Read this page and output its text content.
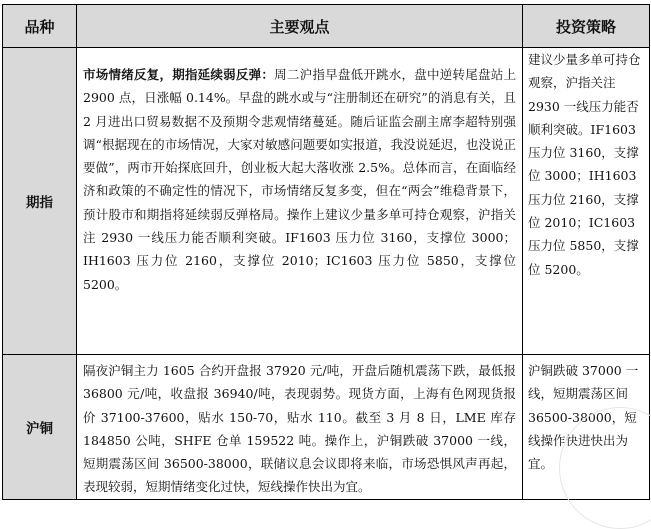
品种	主要观点	投资策略
期指	市场情绪反复，期指延续弱反弹：周二沪指早盘低开跳水，盘中逆转尾盘站上 2900 点，日涨幅 0.14%。早盘的跳水或与“注册制还在研究”的消息有关，且 2 月进出口贸易数据不及预期令悲观情绪蔓延。随后证监会副主席李超特别强调“根据现在的市场情况，大家对敏感问题要如实报道，我没说延迟，也没说正要做”，两市开始探底回升，创业板大起大落收涨 2.5%。总体而言，在面临经济和政策的不确定性的情况下，市场情绪反复多变，但在“两会”维稳背景下，预计股市和期指将延续弱反弹格局。操作上建议少量多单可持仓观察，沪指关注 2930 一线压力能否顺利突破。IF1603 压力位 3160，支撑位 3000；IH1603 压力位 2160，支撑位 2010；IC1603 压力位 5850，支撑位 5200。	建议少量多单可持仓观察，沪指关注 2930 一线压力能否顺利突破。IF1603 压力位 3160，支撑位 3000；IH1603 压力位 2160，支撑位 2010；IC1603 压力位 5850，支撑位 5200。
沪铜	隔夜沪铜主力 1605 合约开盘报 37920 元/吨，开盘后随机震荡下跌，最低报 36800 元/吨，收盘报 36940/吨，表现弱势。现货方面，上海有色网现货报价 37100-37600，贴水 150-70，贴水 110。截至 3 月 8 日，LME 库存 184850 公吨，SHFE 仓单 159522 吨。操作上，沪铜跌破 37000 一线，短期震荡区间 36500-38000，联储议息会议即将来临，市场恐惧风声再起，表现较弱，短期情绪变化过快，短线操作快出为宜。	沪铜跌破 37000 一线，短期震荡区间 36500-38000，短线操作快进快出为宜。
